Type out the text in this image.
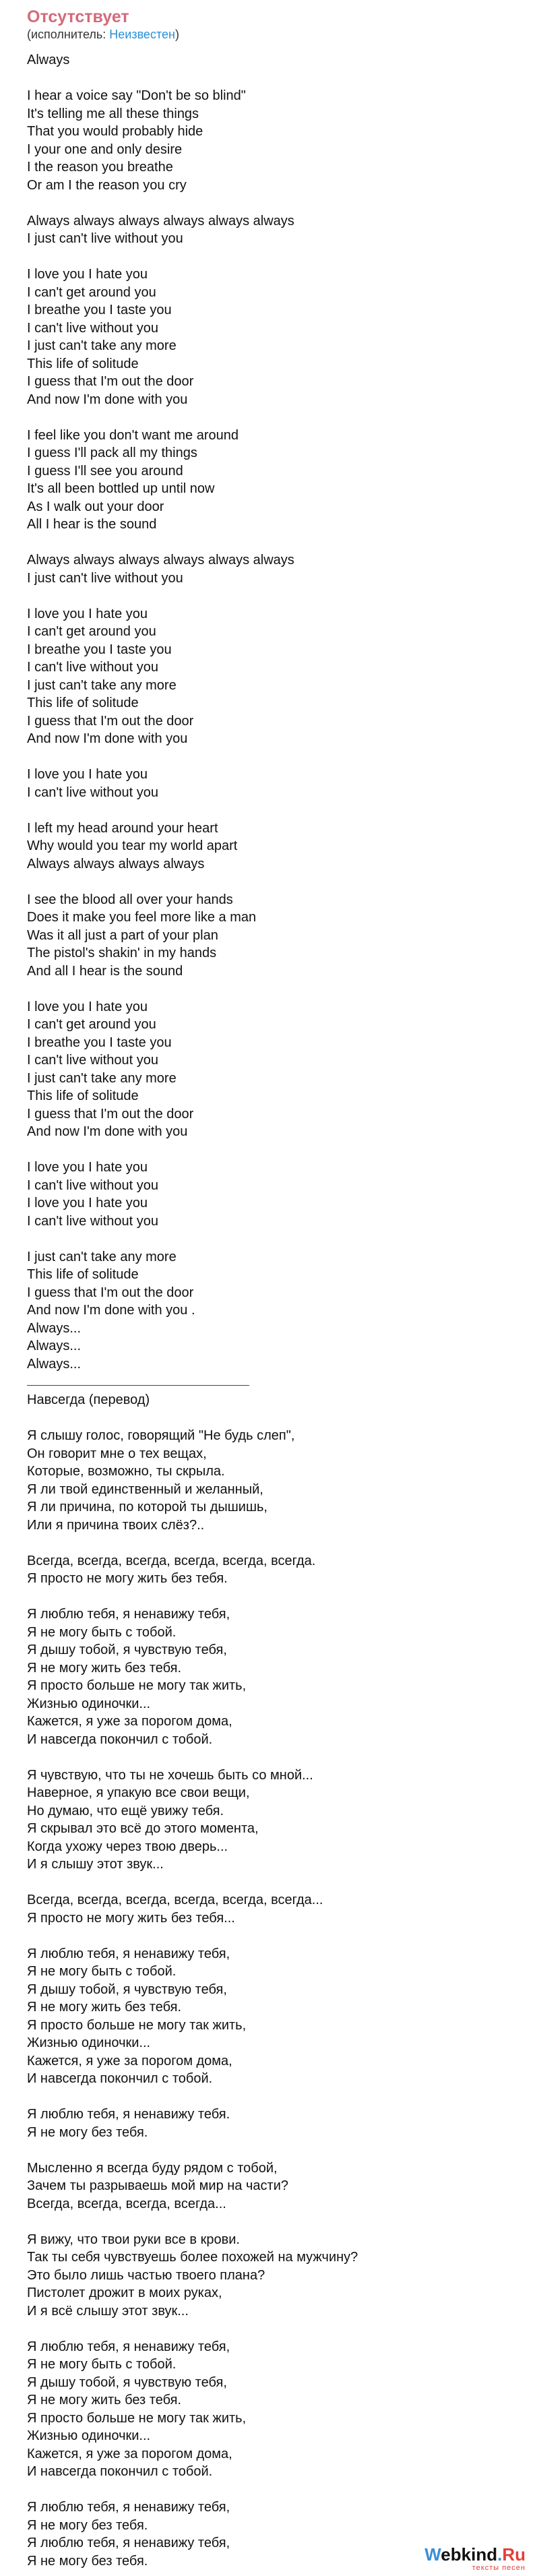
Отсутствует

(исполнитель: Неизвестен)

Always

I hear a voice say "Don't be so blind"
It's telling me all these things
That you would probably hide
I your one and only desire
I the reason you breathe
Or am I the reason you cry

Always always always always always always
I just can't live without you

I love you I hate you
I can't get around you
I breathe you I taste you
I can't live without you
I just can't take any more
This life of solitude
I guess that I'm out the door
And now I'm done with you

I feel like you don't want me around
I guess I'll pack all my things
I guess I'll see you around
It's all been bottled up until now
As I walk out your door
All I hear is the sound

Always always always always always always
I just can't live without you

I love you I hate you
I can't get around you
I breathe you I taste you
I can't live without you
I just can't take any more
This life of solitude
I guess that I'm out the door
And now I'm done with you

I love you I hate you
I can't live without you

I left my head around your heart
Why would you tear my world apart
Always always always always

I see the blood all over your hands
Does it make you feel more like a man
Was it all just a part of your plan
The pistol's shakin' in my hands
And all I hear is the sound

I love you I hate you
I can't get around you
I breathe you I taste you
I can't live without you
I just can't take any more
This life of solitude
I guess that I'm out the door
And now I'm done with you

I love you I hate you
I can't live without you
I love you I hate you
I can't live without you

I just can't take any more
This life of solitude
I guess that I'm out the door
And now I'm done with you .
Always...
Always...
Always...
Навсегда (перевод)

Я слышу голос, говорящий "Не будь слеп",
Он говорит мне о тех вещах,
Которые, возможно, ты скрыла.
Я ли твой единственный и желанный,
Я ли причина, по которой ты дышишь,
Или я причина твоих слёз?..

Всегда, всегда, всегда, всегда, всегда, всегда.
Я просто не могу жить без тебя.

Я люблю тебя, я ненавижу тебя,
Я не могу быть с тобой.
Я дышу тобой, я чувствую тебя,
Я не могу жить без тебя.
Я просто больше не могу так жить,
Жизнью одиночки...
Кажется, я уже за порогом дома,
И навсегда покончил с тобой.

Я чувствую, что ты не хочешь быть со мной...
Наверное, я упакую все свои вещи,
Но думаю, что ещё увижу тебя.
Я скрывал это всё до этого момента,
Когда ухожу через твою дверь...
И я слышу этот звук...

Всегда, всегда, всегда, всегда, всегда, всегда...
Я просто не могу жить без тебя...

Я люблю тебя, я ненавижу тебя,
Я не могу быть с тобой.
Я дышу тобой, я чувствую тебя,
Я не могу жить без тебя.
Я просто больше не могу так жить,
Жизнью одиночки...
Кажется, я уже за порогом дома,
И навсегда покончил с тобой.

Я люблю тебя, я ненавижу тебя.
Я не могу без тебя.

Мысленно я всегда буду рядом с тобой,
Зачем ты разрываешь мой мир на части?
Всегда, всегда, всегда, всегда...

Я вижу, что твои руки все в крови.
Так ты себя чувствуешь более похожей на мужчину?
Это было лишь частью твоего плана?
Пистолет дрожит в моих руках,
И я всё слышу этот звук...

Я люблю тебя, я ненавижу тебя,
Я не могу быть с тобой.
Я дышу тобой, я чувствую тебя,
Я не могу жить без тебя.
Я просто больше не могу так жить,
Жизнью одиночки...
Кажется, я уже за порогом дома,
И навсегда покончил с тобой.

Я люблю тебя, я ненавижу тебя,
Я не могу без тебя.
Я люблю тебя, я ненавижу тебя,
Я не могу без тебя.	Webkind.Ru
тексты песен
